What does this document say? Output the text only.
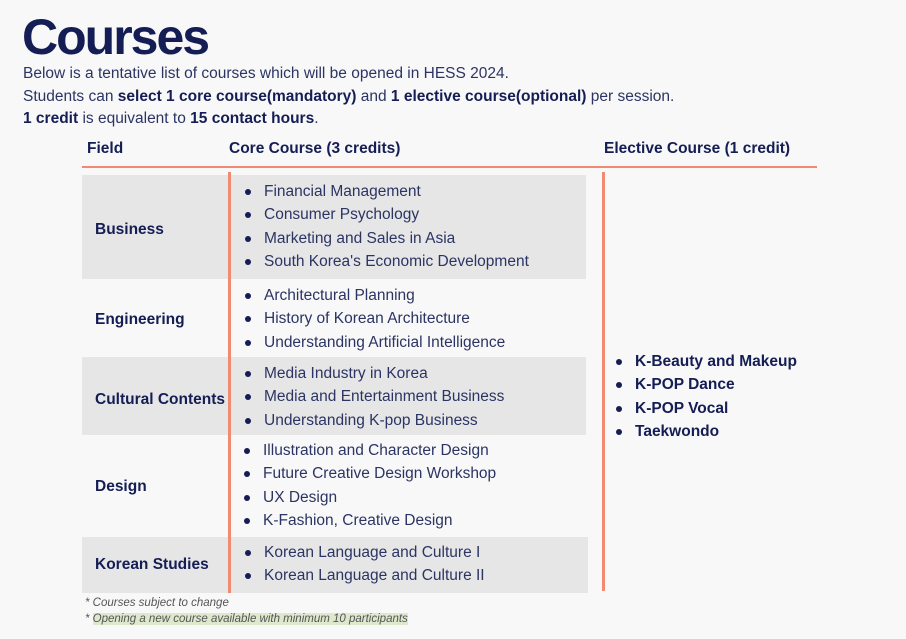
Courses
Below is a tentative list of courses which will be opened in HESS 2024.
Students can select 1 core course(mandatory) and 1 elective course(optional) per session.
1 credit is equivalent to 15 contact hours.
Field	Core Course (3 credits)	Elective Course (1 credit)
Business
Financial Management
Consumer Psychology
Marketing and Sales in Asia
South Korea's Economic Development
Engineering
Architectural Planning
History of Korean Architecture
Understanding Artificial Intelligence
Cultural Contents
Media Industry in Korea
Media and Entertainment Business
Understanding K-pop Business
Design
Illustration and Character Design
Future Creative Design Workshop
UX Design
K-Fashion, Creative Design
Korean Studies
Korean Language and Culture I
Korean Language and Culture II
K-Beauty and Makeup
K-POP Dance
K-POP Vocal
Taekwondo
* Courses subject to change
* Opening a new course available with minimum 10 participants
